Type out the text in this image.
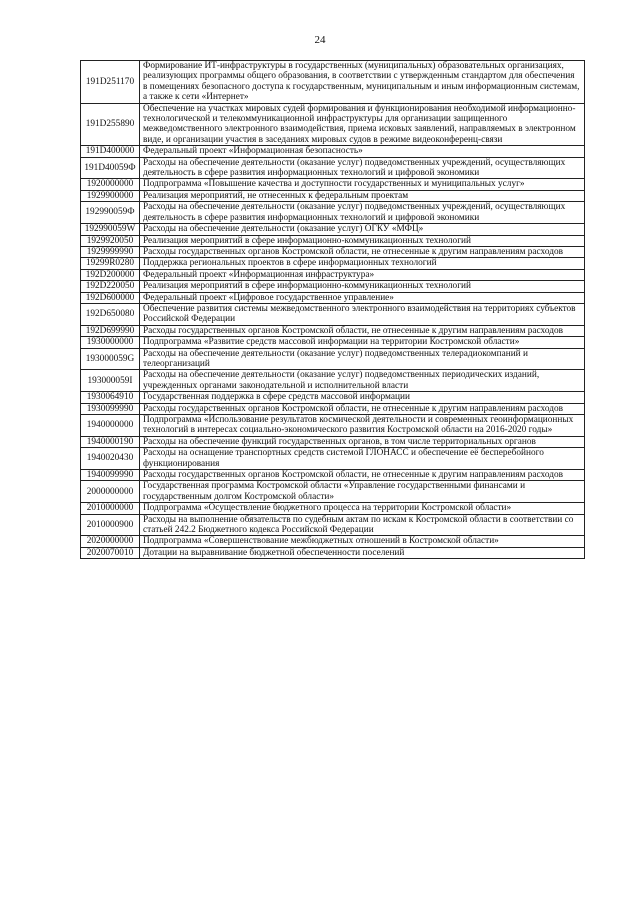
24
191D251170	Формирование ИТ-инфраструктуры в государственных (муниципальных) образовательных организациях, реализующих программы общего образования, в соответствии с утвержденным стандартом для обеспечения в помещениях безопасного доступа к государственным, муниципальным и иным информационным системам, а также к сети «Интернет»
191D255890	Обеспечение на участках мировых судей формирования и функционирования необходимой информационно-технологической и телекоммуникационной инфраструктуры для организации защищенного межведомственного электронного взаимодействия, приема исковых заявлений, направляемых в электронном виде, и организации участия в заседаниях мировых судов в режиме видеоконференц-связи
191D400000	Федеральный проект «Информационная безопасность»
191D40059Ф	Расходы на обеспечение деятельности (оказание услуг) подведомственных учреждений, осуществляющих деятельность в сфере развития информационных технологий и цифровой экономики
1920000000	Подпрограмма «Повышение качества и доступности государственных и муниципальных услуг»
1929900000	Реализация мероприятий, не отнесенных к федеральным проектам
192990059Ф	Расходы на обеспечение деятельности (оказание услуг) подведомственных учреждений, осуществляющих деятельность в сфере развития информационных технологий и цифровой экономики
192990059W	Расходы на обеспечение деятельности (оказание услуг) ОГКУ «МФЦ»
1929920050	Реализация мероприятий в сфере информационно-коммуникационных технологий
1929999990	Расходы государственных органов Костромской области, не отнесенные к другим направлениям расходов
19299R0280	Поддержка региональных проектов в сфере информационных технологий
192D200000	Федеральный проект «Информационная инфраструктура»
192D220050	Реализация мероприятий в сфере информационно-коммуникационных технологий
192D600000	Федеральный проект «Цифровое государственное управление»
192D650080	Обеспечение развития системы межведомственного электронного взаимодействия на территориях субъектов Российской Федерации
192D699990	Расходы государственных органов Костромской области, не отнесенные к другим направлениям расходов
1930000000	Подпрограмма «Развитие средств массовой информации на территории Костромской области»
193000059G	Расходы на обеспечение деятельности (оказание услуг) подведомственных телерадиокомпаний и телеорганизаций
193000059I	Расходы на обеспечение деятельности (оказание услуг) подведомственных периодических изданий, учрежденных органами законодательной и исполнительной власти
1930064910	Государственная поддержка в сфере средств массовой информации
1930099990	Расходы государственных органов Костромской области, не отнесенные к другим направлениям расходов
1940000000	Подпрограмма «Использование результатов космической деятельности и современных геоинформационных технологий в интересах социально-экономического развития Костромской области на 2016-2020 годы»
1940000190	Расходы на обеспечение функций государственных органов, в том числе территориальных органов
1940020430	Расходы на оснащение транспортных средств системой ГЛОНАСС и обеспечение её бесперебойного функционирования
1940099990	Расходы государственных органов Костромской области, не отнесенные к другим направлениям расходов
2000000000	Государственная программа Костромской области «Управление государственными финансами и государственным долгом Костромской области»
2010000000	Подпрограмма «Осуществление бюджетного процесса на территории Костромской области»
2010000900	Расходы на выполнение обязательств по судебным актам по искам к Костромской области в соответствии со статьей 242.2 Бюджетного кодекса Российской Федерации
2020000000	Подпрограмма «Совершенствование межбюджетных отношений в Костромской области»
2020070010	Дотации на выравнивание бюджетной обеспеченности поселений
